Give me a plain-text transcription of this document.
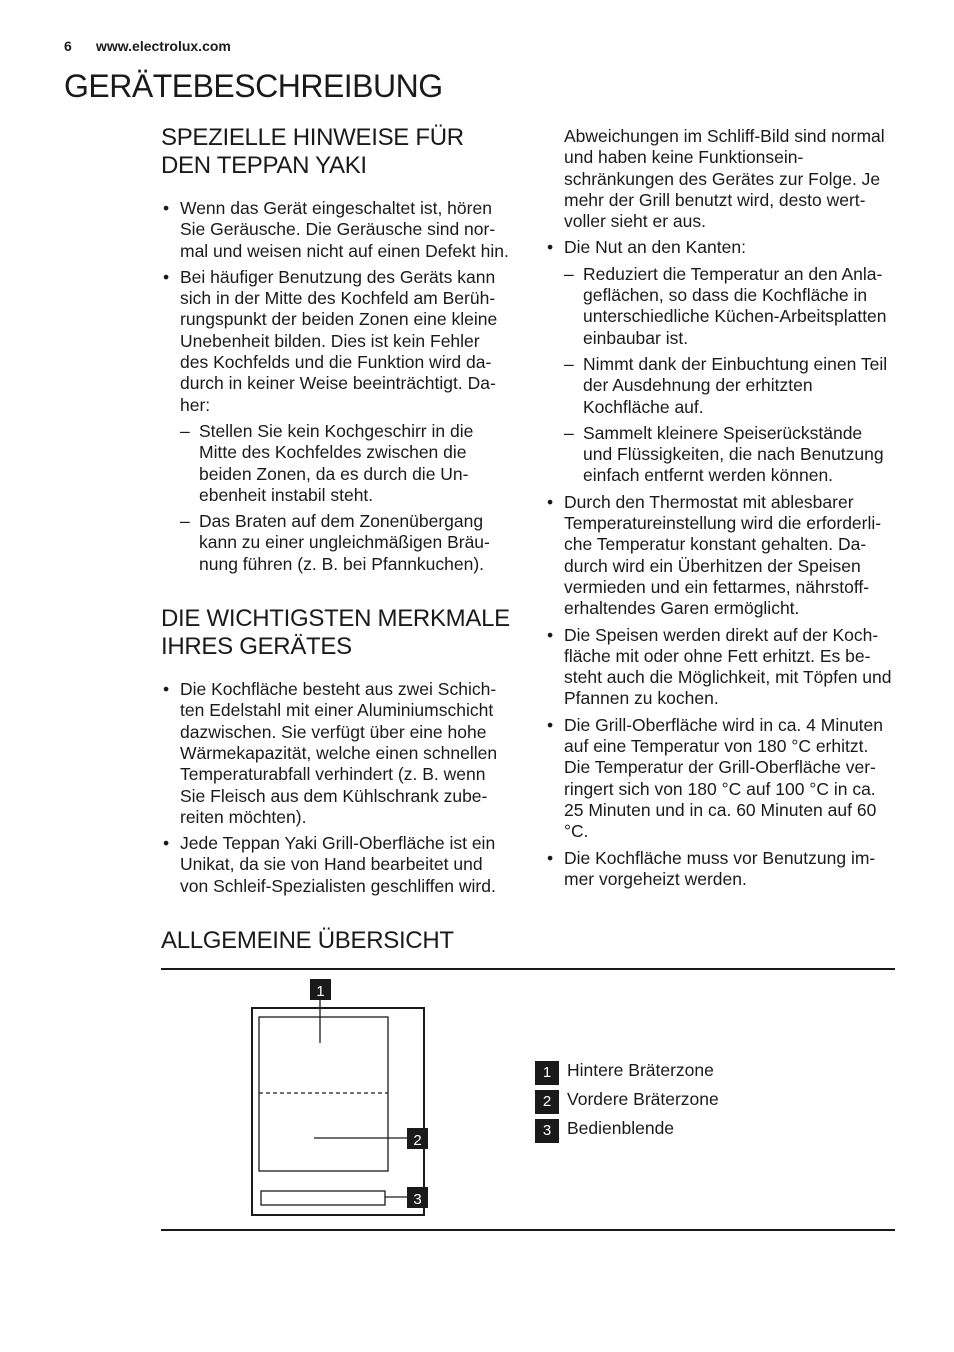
6 www.electrolux.com
GERÄTEBESCHREIBUNG
SPEZIELLE HINWEISE FÜR DEN TEPPAN YAKI
• Wenn das Gerät eingeschaltet ist, hören Sie Geräusche. Die Geräusche sind normal und weisen nicht auf einen Defekt hin.
• Bei häufiger Benutzung des Geräts kann sich in der Mitte des Kochfeld am Berührungspunkt der beiden Zonen eine kleine Unebenheit bilden. Dies ist kein Fehler des Kochfelds und die Funktion wird dadurch in keiner Weise beeinträchtigt. Daher:
– Stellen Sie kein Kochgeschirr in die Mitte des Kochfeldes zwischen die beiden Zonen, da es durch die Unebenheit instabil steht.
– Das Braten auf dem Zonenübergang kann zu einer ungleichmäßigen Bräunung führen (z. B. bei Pfannkuchen).
DIE WICHTIGSTEN MERKMALE IHRES GERÄTES
• Die Kochfläche besteht aus zwei Schichten Edelstahl mit einer Aluminiumschicht dazwischen. Sie verfügt über eine hohe Wärmekapazität, welche einen schnellen Temperaturabfall verhindert (z. B. wenn Sie Fleisch aus dem Kühlschrank zubereiten möchten).
• Jede Teppan Yaki Grill-Oberfläche ist ein Unikat, da sie von Hand bearbeitet und von Schleif-Spezialisten geschliffen wird.
Abweichungen im Schliff-Bild sind normal und haben keine Funktionseinschränkungen des Gerätes zur Folge. Je mehr der Grill benutzt wird, desto wertvoller sieht er aus.
• Die Nut an den Kanten:
– Reduziert die Temperatur an den Anlageflächen, so dass die Kochfläche in unterschiedliche Küchen-Arbeitsplatten einbaubar ist.
– Nimmt dank der Einbuchtung einen Teil der Ausdehnung der erhitzten Kochfläche auf.
– Sammelt kleinere Speiserückstände und Flüssigkeiten, die nach Benutzung einfach entfernt werden können.
• Durch den Thermostat mit ablesbarer Temperatureinstellung wird die erforderliche Temperatur konstant gehalten. Dadurch wird ein Überhitzen der Speisen vermieden und ein fettarmes, nährstofferhaltendes Garen ermöglicht.
• Die Speisen werden direkt auf der Kochfläche mit oder ohne Fett erhitzt. Es besteht auch die Möglichkeit, mit Töpfen und Pfannen zu kochen.
• Die Grill-Oberfläche wird in ca. 4 Minuten auf eine Temperatur von 180 °C erhitzt. Die Temperatur der Grill-Oberfläche verringert sich von 180 °C auf 100 °C in ca. 25 Minuten und in ca. 60 Minuten auf 60 °C.
• Die Kochfläche muss vor Benutzung immer vorgeheizt werden.
ALLGEMEINE ÜBERSICHT
1
2
3
1 Hintere Bräterzone
2 Vordere Bräterzone
3 Bedienblende
